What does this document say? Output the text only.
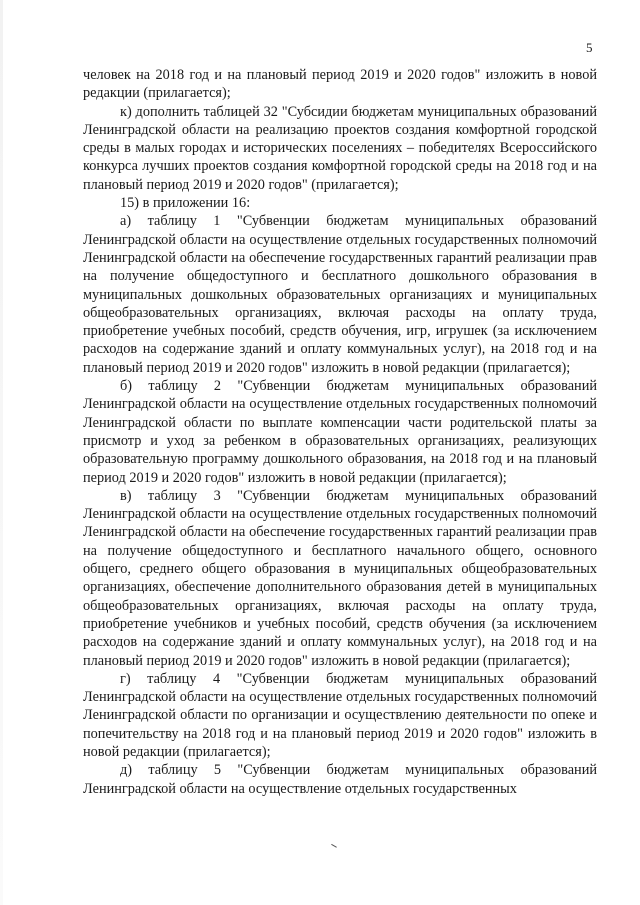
5

человек на 2018 год и на плановый период 2019 и 2020 годов" изложить в новой редакции (прилагается);

к) дополнить таблицей 32 "Субсидии бюджетам муниципальных образований Ленинградской области на реализацию проектов создания комфортной городской среды в малых городах и исторических поселениях – победителях Всероссийского конкурса лучших проектов создания комфортной городской среды на 2018 год и на плановый период 2019 и 2020 годов" (прилагается);

15) в приложении 16:

а) таблицу 1 "Субвенции бюджетам муниципальных образований Ленинградской области на осуществление отдельных государственных полномочий Ленинградской области на обеспечение государственных гарантий реализации прав на получение общедоступного и бесплатного дошкольного образования в муниципальных дошкольных образовательных организациях и муниципальных общеобразовательных организациях, включая расходы на оплату труда, приобретение учебных пособий, средств обучения, игр, игрушек (за исключением расходов на содержание зданий и оплату коммунальных услуг), на 2018 год и на плановый период 2019 и 2020 годов" изложить в новой редакции (прилагается);

б) таблицу 2 "Субвенции бюджетам муниципальных образований Ленинградской области на осуществление отдельных государственных полномочий Ленинградской области по выплате компенсации части родительской платы за присмотр и уход за ребенком в образовательных организациях, реализующих образовательную программу дошкольного образования, на 2018 год и на плановый период 2019 и 2020 годов" изложить в новой редакции (прилагается);

в) таблицу 3 "Субвенции бюджетам муниципальных образований Ленинградской области на осуществление отдельных государственных полномочий Ленинградской области на обеспечение государственных гарантий реализации прав на получение общедоступного и бесплатного начального общего, основного общего, среднего общего образования в муниципальных общеобразовательных организациях, обеспечение дополнительного образования детей в муниципальных общеобразовательных организациях, включая расходы на оплату труда, приобретение учебников и учебных пособий, средств обучения (за исключением расходов на содержание зданий и оплату коммунальных услуг), на 2018 год и на плановый период 2019 и 2020 годов" изложить в новой редакции (прилагается);

г) таблицу 4 "Субвенции бюджетам муниципальных образований Ленинградской области на осуществление отдельных государственных полномочий Ленинградской области по организации и осуществлению деятельности по опеке и попечительству на 2018 год и на плановый период 2019 и 2020 годов" изложить в новой редакции (прилагается);

д) таблицу 5 "Субвенции бюджетам муниципальных образований Ленинградской области на осуществление отдельных государственных
